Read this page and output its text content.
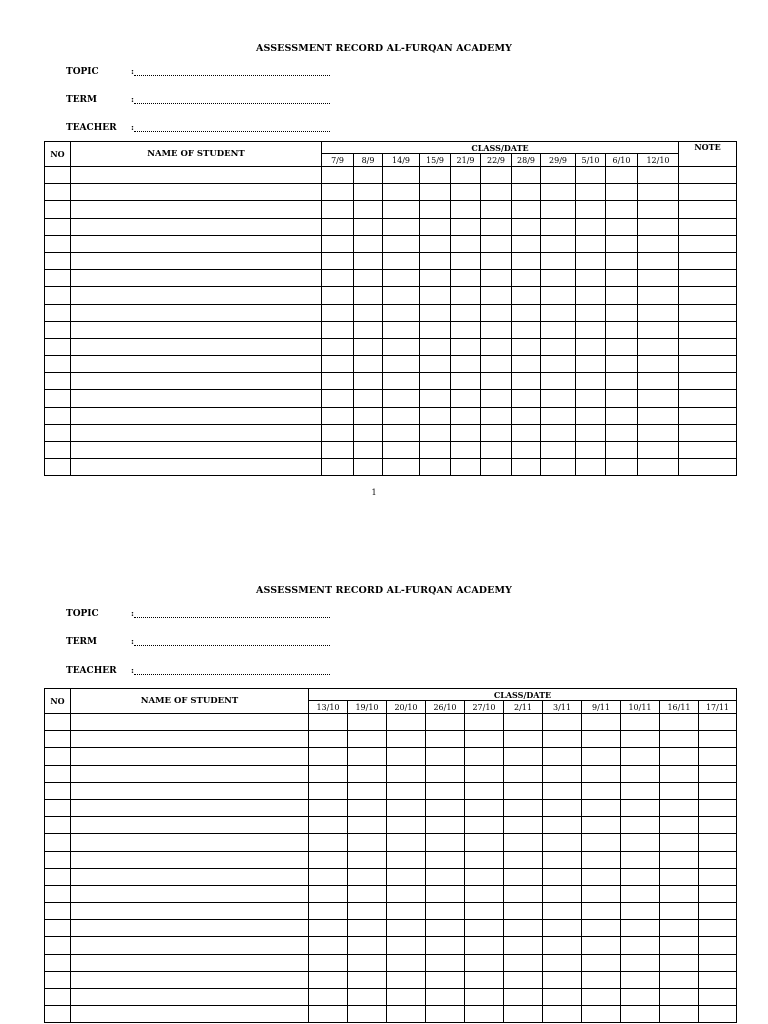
ASSESSMENT RECORD AL-FURQAN ACADEMY
TOPIC
:
TERM
:
TEACHER
:
NO	NAME OF STUDENT	CLASS/DATE											NOTE
		7/9	8/9	14/9	15/9	21/9	22/9	28/9	29/9	5/10	6/10	12/10	

1
ASSESSMENT RECORD AL-FURQAN ACADEMY
TOPIC
:
TERM
:
TEACHER
:
NO	NAME OF STUDENT	CLASS/DATE										
		13/10	19/10	20/10	26/10	27/10	2/11	3/11	9/11	10/11	16/11	17/11
